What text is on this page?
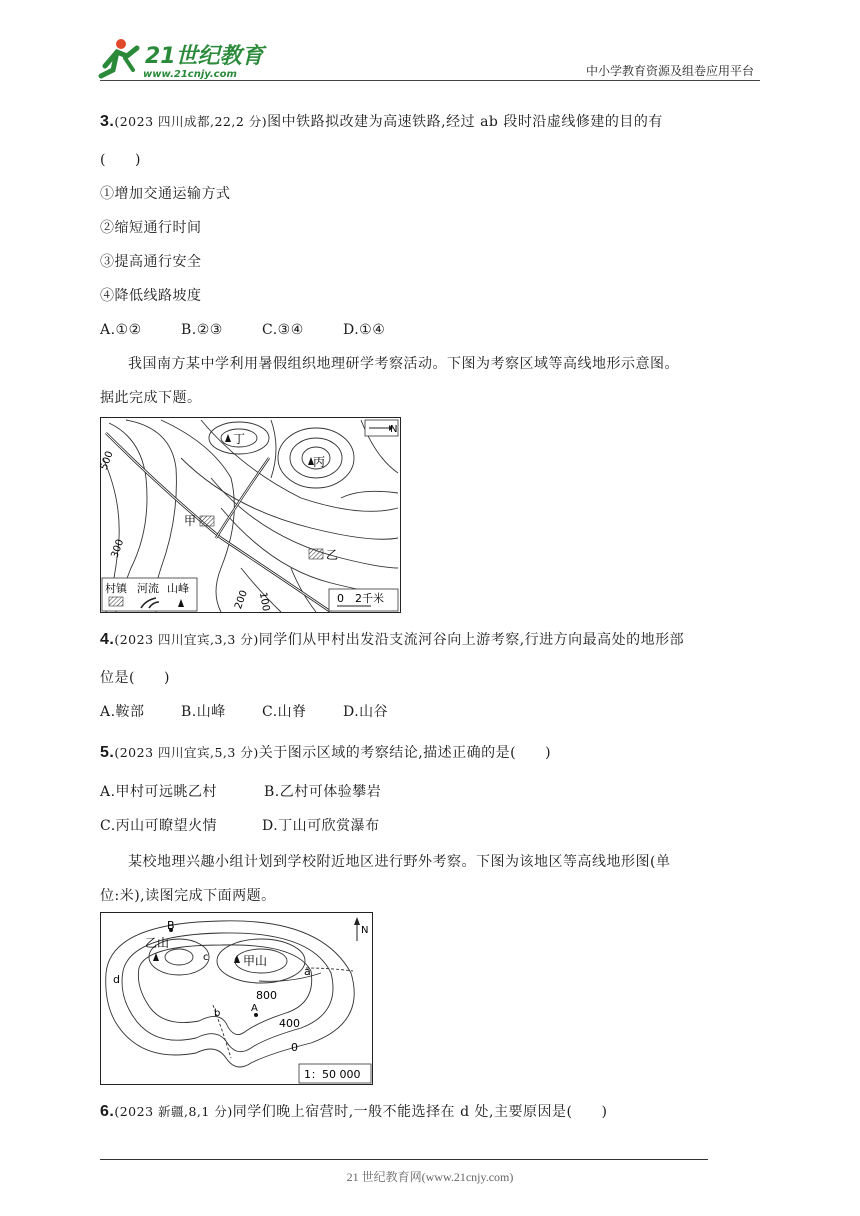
21世纪教育
www.21cnjy.com	中小学教育资源及组卷应用平台
3.(2023 四川成都,22,2 分)图中铁路拟改建为高速铁路,经过 ab 段时沿虚线修建的目的有
(　　)
①增加交通运输方式
②缩短通行时间
③提高通行安全
④降低线路坡度
A.①②	B.②③	C.③④	D.①④
我国南方某中学利用暑假组织地理研学考察活动。下图为考察区域等高线地形示意图。
据此完成下题。
丁
丙
甲
乙
500
300
200 100
N
村镇 河流 山峰
0　2千米
4.(2023 四川宜宾,3,3 分)同学们从甲村出发沿支流河谷向上游考察,行进方向最高处的地形部
位是(　　)
A.鞍部	B.山峰	C.山脊	D.山谷
5.(2023 四川宜宾,5,3 分)关于图示区域的考察结论,描述正确的是(　　)
A.甲村可远眺乙村	B.乙村可体验攀岩
C.丙山可瞭望火情	D.丁山可欣赏瀑布
某校地理兴趣小组计划到学校附近地区进行野外考察。下图为该地区等高线地形图(单
位:米),读图完成下面两题。
B
乙山
c	甲山
a
d
800
A
b
400
0
N
1：50 000
6.(2023 新疆,8,1 分)同学们晚上宿营时,一般不能选择在 d 处,主要原因是(　　)
21 世纪教育网(www.21cnjy.com)
